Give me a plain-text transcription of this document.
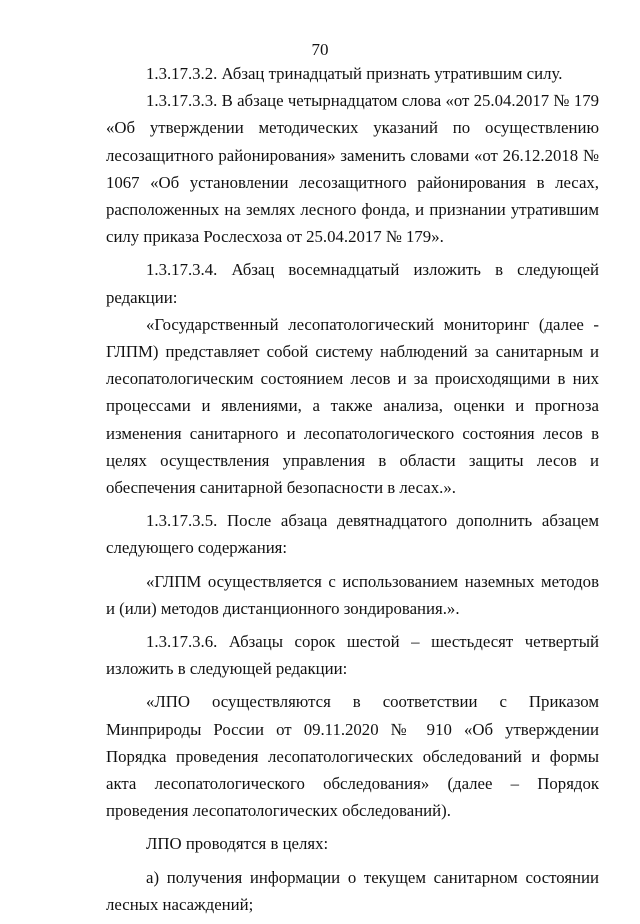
70

1.3.17.3.2. Абзац тринадцатый признать утратившим силу.

1.3.17.3.3. В абзаце четырнадцатом слова «от 25.04.2017 № 179 «Об утверждении методических указаний по осуществлению лесозащитного районирования» заменить словами «от 26.12.2018 № 1067 «Об установлении лесозащитного районирования в лесах, расположенных на землях лесного фонда, и признании утратившим силу приказа Рослесхоза от 25.04.2017 № 179».

1.3.17.3.4. Абзац восемнадцатый изложить в следующей редакции:

«Государственный лесопатологический мониторинг (далее - ГЛПМ) представляет собой систему наблюдений за санитарным и лесопатологическим состоянием лесов и за происходящими в них процессами и явлениями, а также анализа, оценки и прогноза изменения санитарного и лесопатологического состояния лесов в целях осуществления управления в области защиты лесов и обеспечения санитарной безопасности в лесах.».

1.3.17.3.5. После абзаца девятнадцатого дополнить абзацем следующего содержания:

«ГЛПМ осуществляется с использованием наземных методов и (или) методов дистанционного зондирования.».

1.3.17.3.6. Абзацы сорок шестой – шестьдесят четвертый изложить в следующей редакции:

«ЛПО осуществляются в соответствии с Приказом Минприроды России от 09.11.2020 № 910 «Об утверждении Порядка проведения лесопатологических обследований и формы акта лесопатологического обследования» (далее – Порядок проведения лесопатологических обследований).

ЛПО проводятся в целях:

а) получения информации о текущем санитарном состоянии лесных насаждений;
